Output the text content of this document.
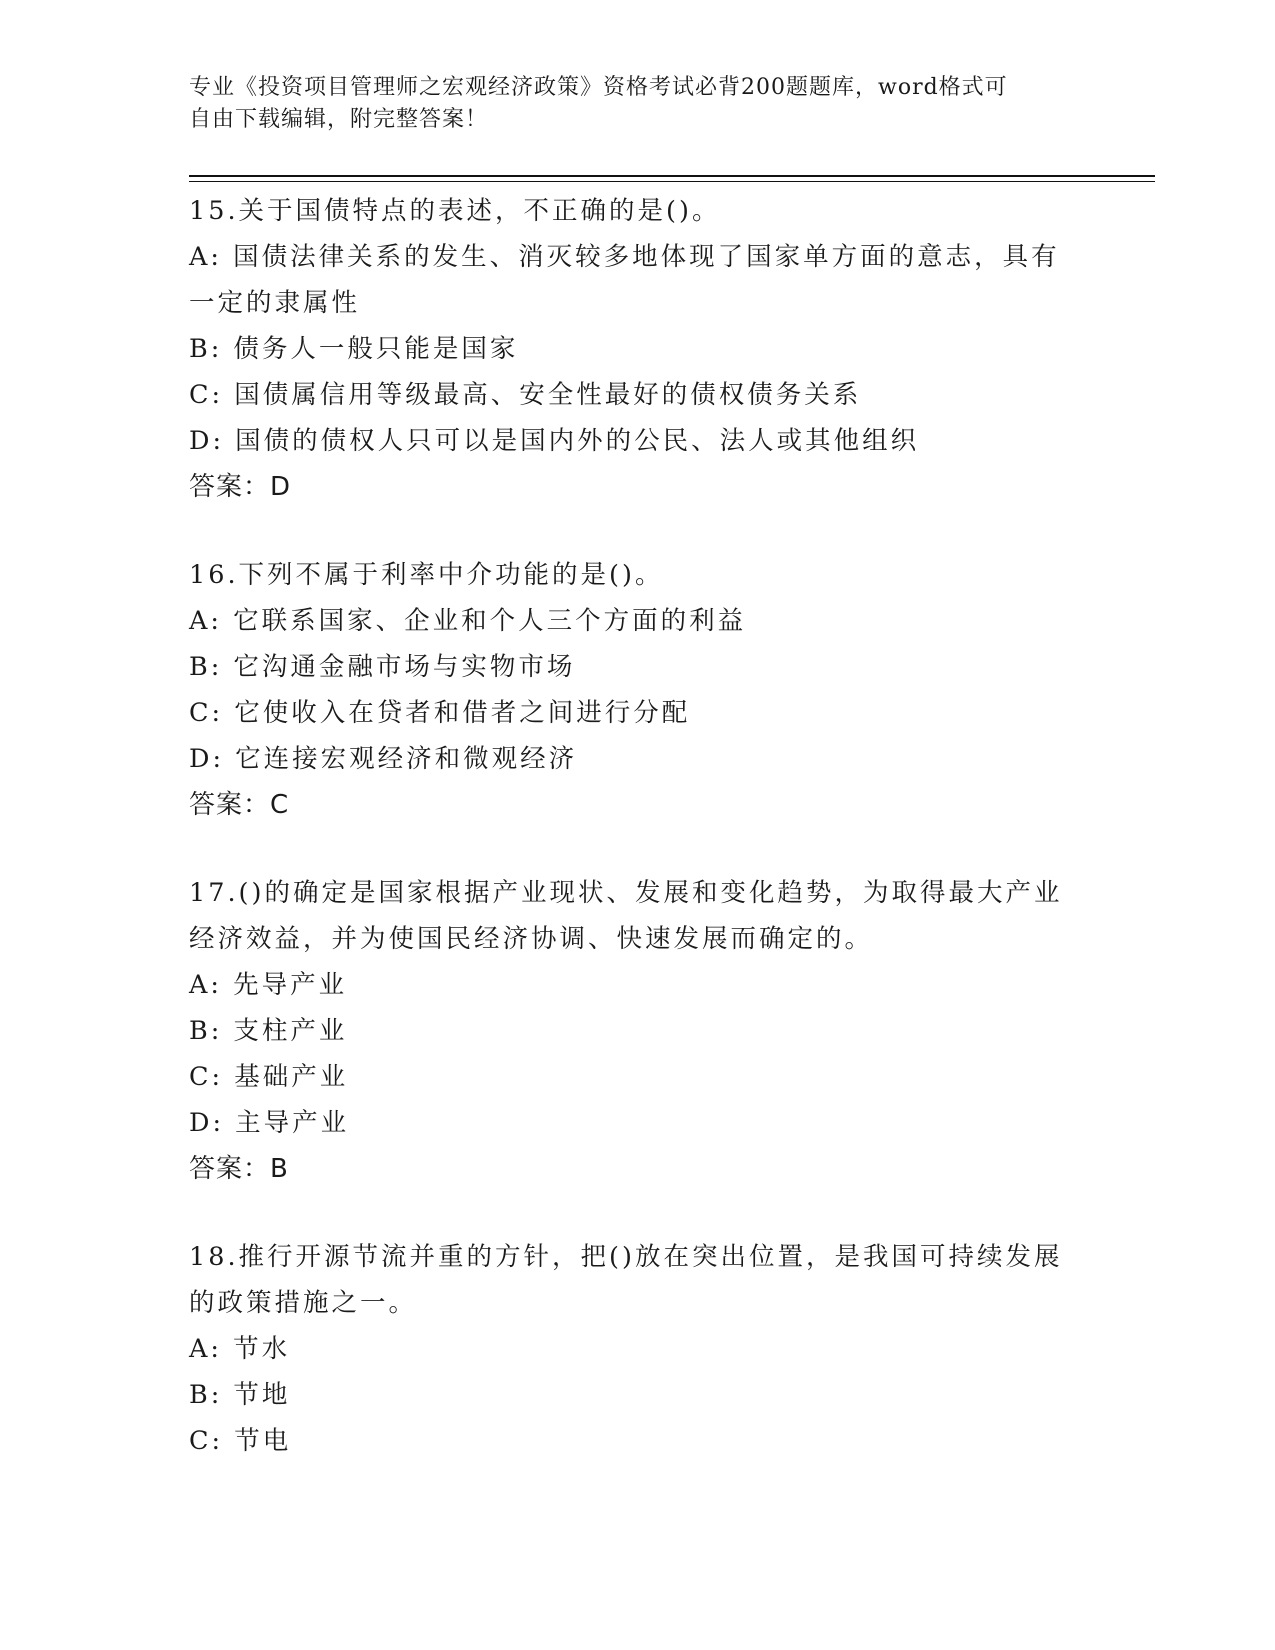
专业《投资项目管理师之宏观经济政策》资格考试必背200题题库，word格式可
自由下载编辑，附完整答案！
15.关于国债特点的表述，不正确的是()。
A: 国债法律关系的发生、消灭较多地体现了国家单方面的意志，具有
一定的隶属性
B: 债务人一般只能是国家
C: 国债属信用等级最高、安全性最好的债权债务关系
D: 国债的债权人只可以是国内外的公民、法人或其他组织
答案：D
16.下列不属于利率中介功能的是()。
A: 它联系国家、企业和个人三个方面的利益
B: 它沟通金融市场与实物市场
C: 它使收入在贷者和借者之间进行分配
D: 它连接宏观经济和微观经济
答案：C
17.()的确定是国家根据产业现状、发展和变化趋势，为取得最大产业
经济效益，并为使国民经济协调、快速发展而确定的。
A: 先导产业
B: 支柱产业
C: 基础产业
D: 主导产业
答案：B
18.推行开源节流并重的方针，把()放在突出位置，是我国可持续发展
的政策措施之一。
A: 节水
B: 节地
C: 节电
